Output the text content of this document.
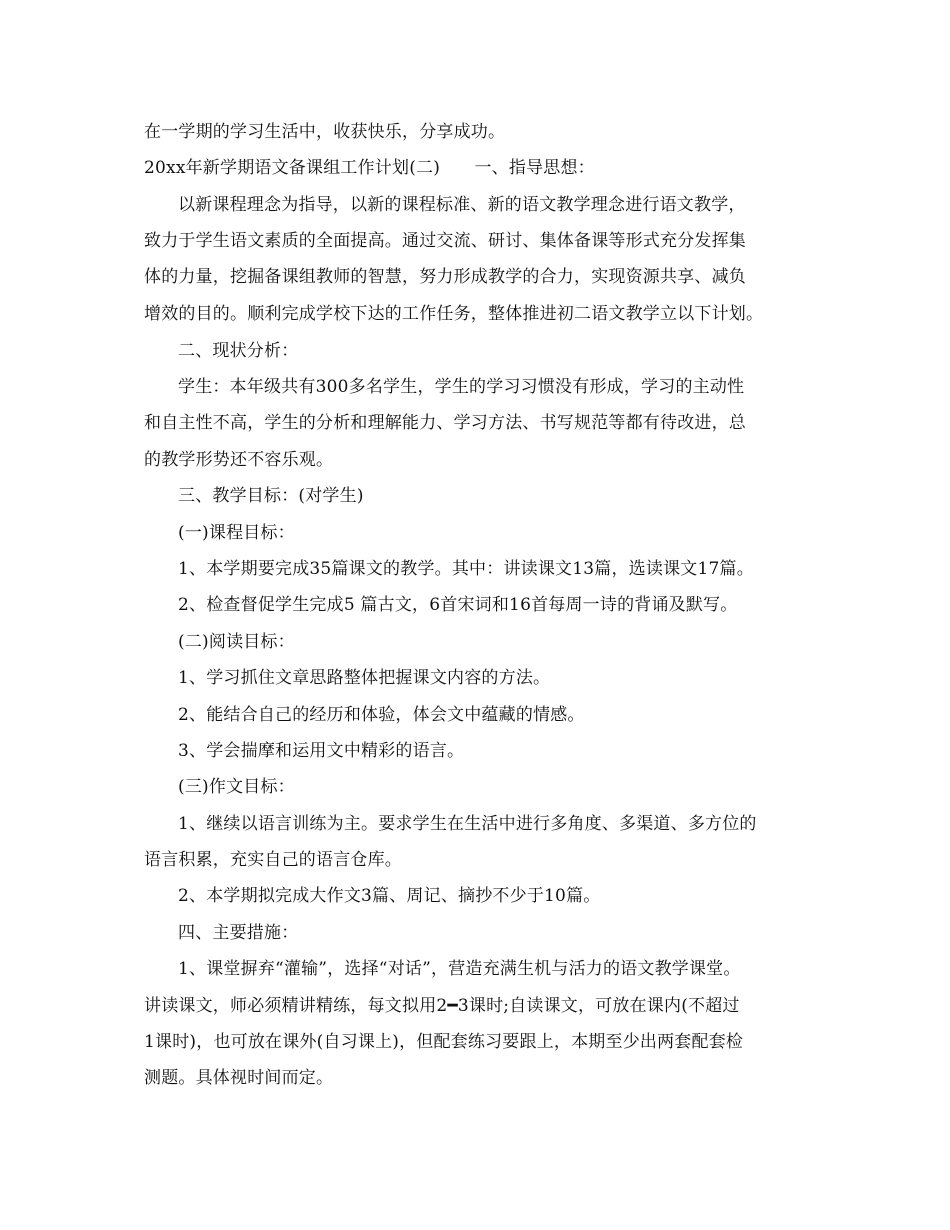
在一学期的学习生活中，收获快乐，分享成功。
20xx年新学期语文备课组工作计划(二)　　一、指导思想：
以新课程理念为指导，以新的课程标准、新的语文教学理念进行语文教学，
致力于学生语文素质的全面提高。通过交流、研讨、集体备课等形式充分发挥集
体的力量，挖掘备课组教师的智慧，努力形成教学的合力，实现资源共享、减负
增效的目的。顺利完成学校下达的工作任务，整体推进初二语文教学立以下计划。
二、现状分析：
学生：本年级共有300多名学生，学生的学习习惯没有形成，学习的主动性
和自主性不高，学生的分析和理解能力、学习方法、书写规范等都有待改进，总
的教学形势还不容乐观。
三、教学目标：(对学生)
(一)课程目标：
1、本学期要完成35篇课文的教学。其中：讲读课文13篇，选读课文17篇。
2、检查督促学生完成5 篇古文，6首宋词和16首每周一诗的背诵及默写。
(二)阅读目标：
1、学习抓住文章思路整体把握课文内容的方法。
2、能结合自己的经历和体验，体会文中蕴藏的情感。
3、学会揣摩和运用文中精彩的语言。
(三)作文目标：
1、继续以语言训练为主。要求学生在生活中进行多角度、多渠道、多方位的
语言积累，充实自己的语言仓库。
2、本学期拟完成大作文3篇、周记、摘抄不少于10篇。
四、主要措施：
1、课堂摒弃“灌输”，选择“对话”，营造充满生机与活力的语文教学课堂。
讲读课文，师必须精讲精练，每文拟用2━3课时;自读课文，可放在课内(不超过
1课时)，也可放在课外(自习课上)，但配套练习要跟上，本期至少出两套配套检
测题。具体视时间而定。
